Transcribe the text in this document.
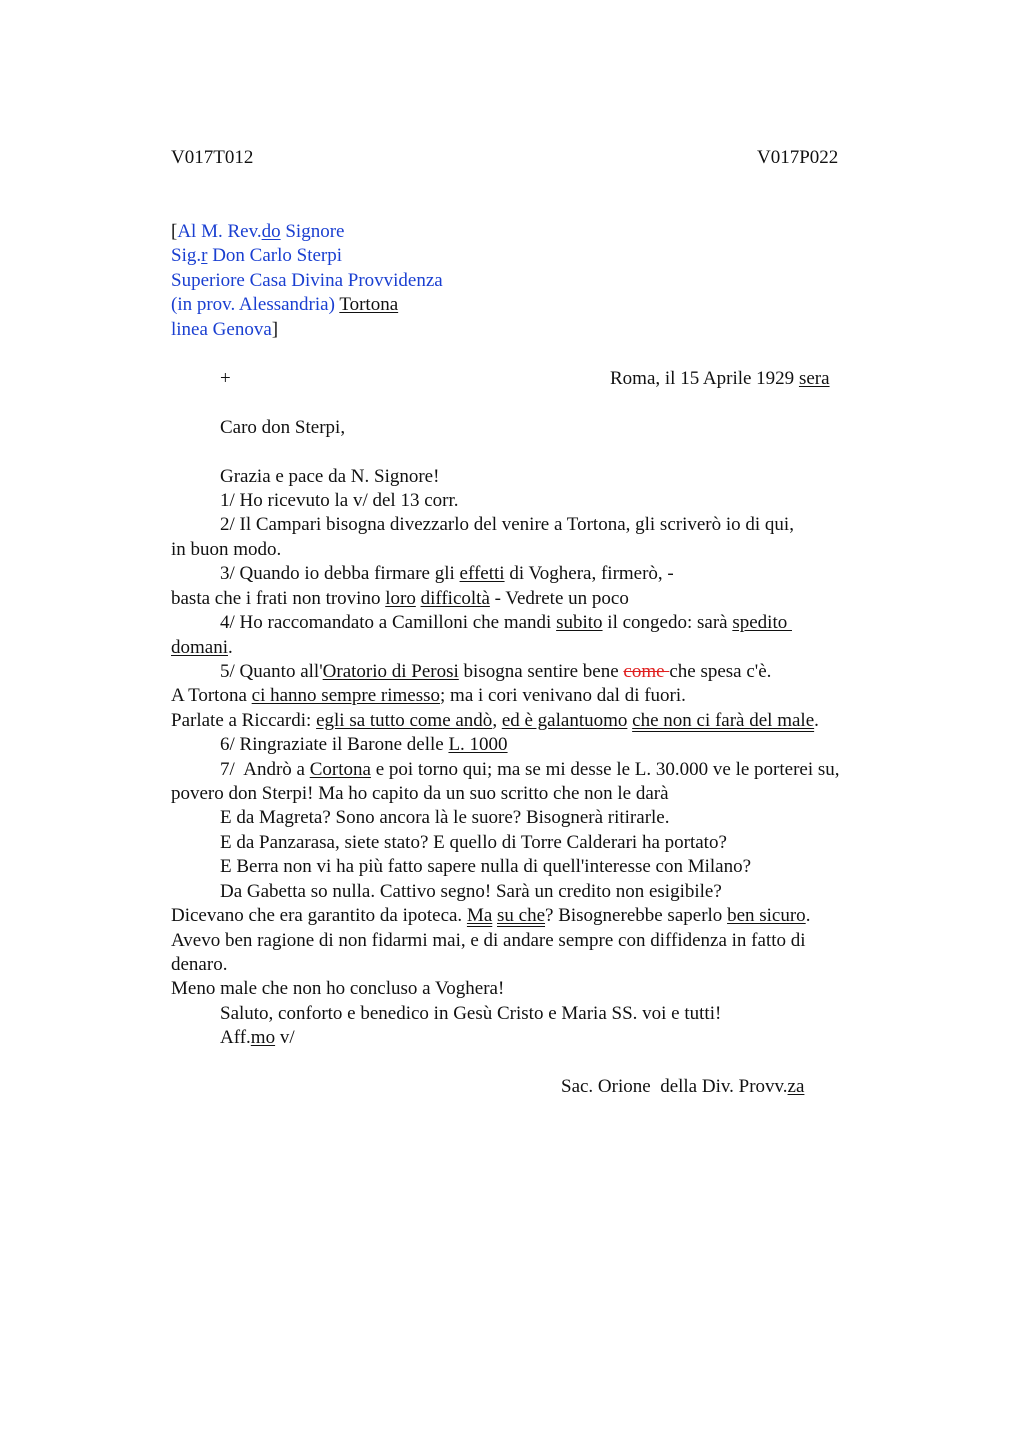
V017T012	V017P022
[Al M. Rev.do Signore
Sig.r Don Carlo Sterpi
Superiore Casa Divina Provvidenza
(in prov. Alessandria) Tortona
linea Genova]
+	Roma, il 15 Aprile 1929 sera
Caro don Sterpi,
Grazia e pace da N. Signore!
1/ Ho ricevuto la v/ del 13 corr.
2/ Il Campari bisogna divezzarlo del venire a Tortona, gli scriverò io di qui,
in buon modo.
3/ Quando io debba firmare gli effetti di Voghera, firmerò, -
basta che i frati non trovino loro difficoltà - Vedrete un poco
4/ Ho raccomandato a Camilloni che mandi subito il congedo: sarà spedito
domani.
5/ Quanto all'Oratorio di Perosi bisogna sentire bene come che spesa c'è.
A Tortona ci hanno sempre rimesso; ma i cori venivano dal di fuori.
Parlate a Riccardi: egli sa tutto come andò, ed è galantuomo che non ci farà del male.
6/ Ringraziate il Barone delle L. 1000
7/  Andrò a Cortona e poi torno qui; ma se mi desse le L. 30.000 ve le porterei su,
povero don Sterpi! Ma ho capito da un suo scritto che non le darà
E da Magreta? Sono ancora là le suore? Bisognerà ritirarle.
E da Panzarasa, siete stato? E quello di Torre Calderari ha portato?
E Berra non vi ha più fatto sapere nulla di quell'interesse con Milano?
Da Gabetta so nulla. Cattivo segno! Sarà un credito non esigibile?
Dicevano che era garantito da ipoteca. Ma su che? Bisognerebbe saperlo ben sicuro.
Avevo ben ragione di non fidarmi mai, e di andare sempre con diffidenza in fatto di
denaro.
Meno male che non ho concluso a Voghera!
Saluto, conforto e benedico in Gesù Cristo e Maria SS. voi e tutti!
Aff.mo v/
Sac. Orione  della Div. Provv.za
